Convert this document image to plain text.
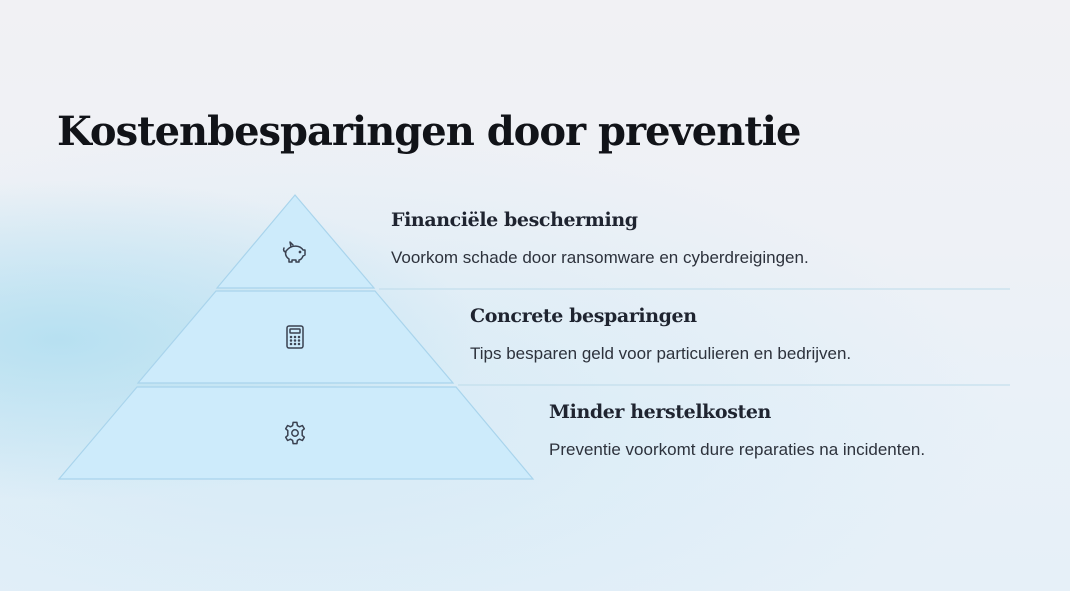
Kostenbesparingen door preventie
Financiële bescherming
Voorkom schade door ransomware en cyberdreigingen.
Concrete besparingen
Tips besparen geld voor particulieren en bedrijven.
Minder herstelkosten
Preventie voorkomt dure reparaties na incidenten.
